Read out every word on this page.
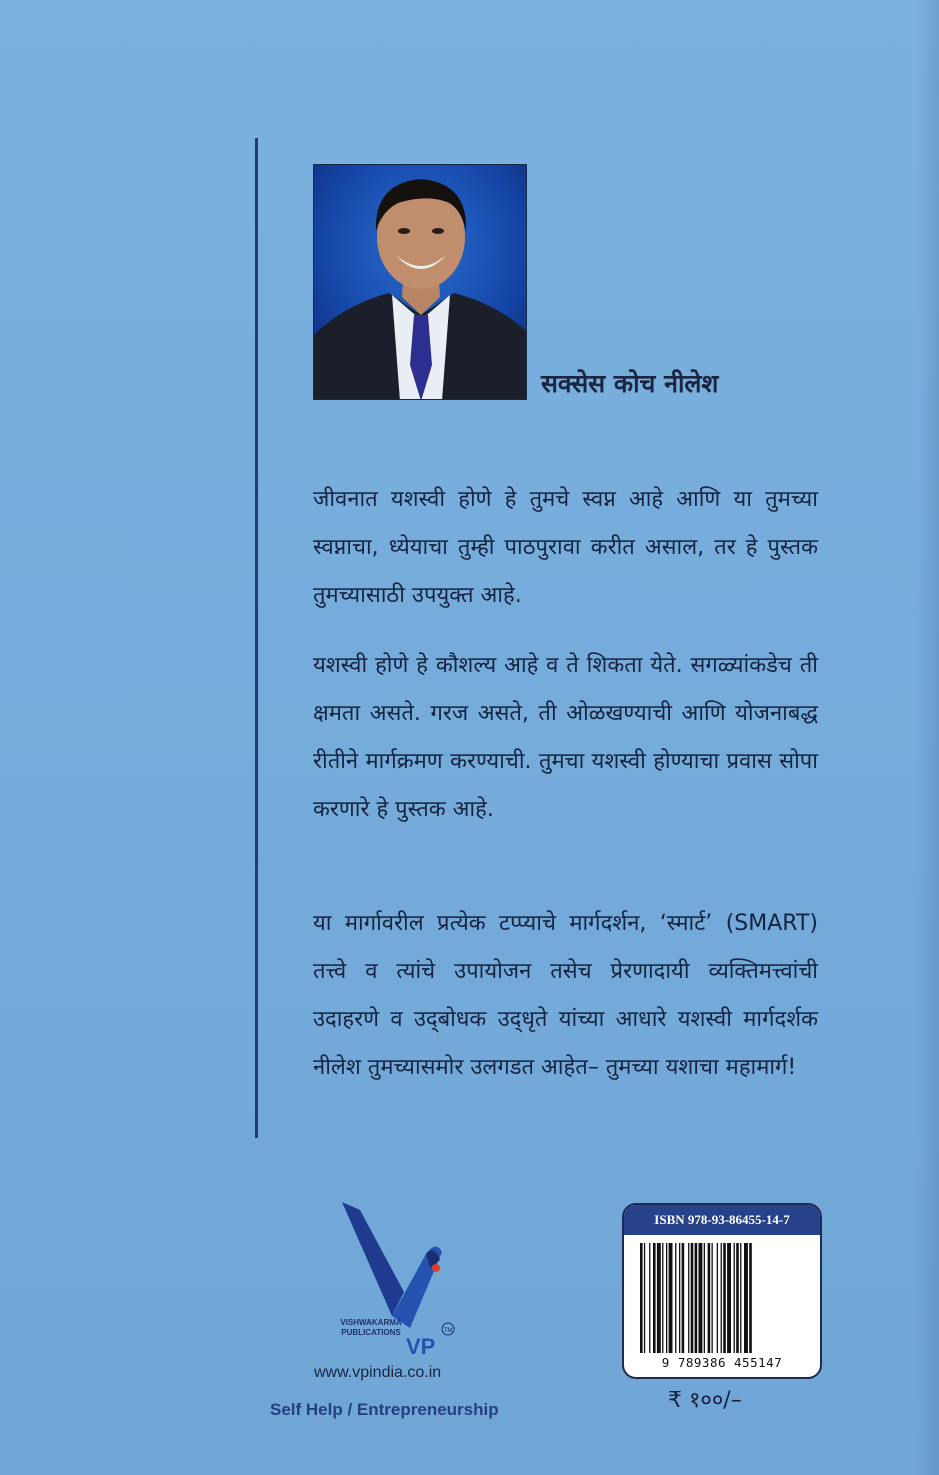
सक्सेस कोच नीलेश

जीवनात यशस्वी होणे हे तुमचे स्वप्न आहे आणि या तुमच्या स्वप्नाचा, ध्येयाचा तुम्ही पाठपुरावा करीत असाल, तर हे पुस्तक तुमच्यासाठी उपयुक्त आहे.

यशस्वी होणे हे कौशल्य आहे व ते शिकता येते. सगळ्यांकडेच ती क्षमता असते. गरज असते, ती ओळखण्याची आणि योजनाबद्ध रीतीने मार्गक्रमण करण्याची. तुमचा यशस्वी होण्याचा प्रवास सोपा करणारे हे पुस्तक आहे.

या मार्गावरील प्रत्येक टप्प्याचे मार्गदर्शन, ‘स्मार्ट’ (SMART) तत्त्वे व त्यांचे उपायोजन तसेच प्रेरणादायी व्यक्तिमत्त्वांची उदाहरणे व उद्‌बोधक उद्‌धृते यांच्या आधारे यशस्वी मार्गदर्शक नीलेश तुमच्यासमोर उलगडत आहेत– तुमच्या यशाचा महामार्ग!

VP
TM
VISHWAKARMA PUBLICATIONS
www.vpindia.co.in
Self Help / Entrepreneurship
ISBN 978-93-86455-14-7
9 789386 455147
₹ १००/–
